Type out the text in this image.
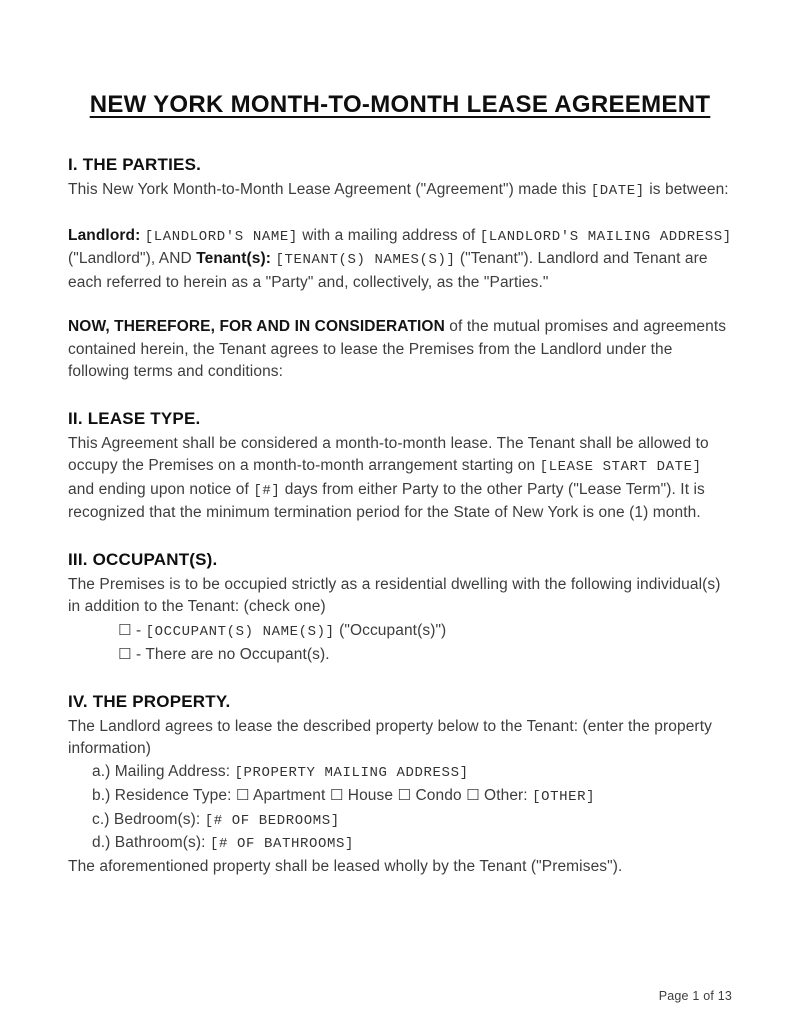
NEW YORK MONTH-TO-MONTH LEASE AGREEMENT
I. THE PARTIES.

This New York Month-to-Month Lease Agreement ("Agreement") made this [DATE] is between:

Landlord: [LANDLORD'S NAME] with a mailing address of [LANDLORD'S MAILING ADDRESS] ("Landlord"), AND Tenant(s): [TENANT(S) NAMES(S)] ("Tenant"). Landlord and Tenant are each referred to herein as a "Party" and, collectively, as the "Parties."

NOW, THEREFORE, FOR AND IN CONSIDERATION of the mutual promises and agreements contained herein, the Tenant agrees to lease the Premises from the Landlord under the following terms and conditions:

II. LEASE TYPE.

This Agreement shall be considered a month-to-month lease. The Tenant shall be allowed to occupy the Premises on a month-to-month arrangement starting on [LEASE START DATE] and ending upon notice of [#] days from either Party to the other Party ("Lease Term"). It is recognized that the minimum termination period for the State of New York is one (1) month.

III. OCCUPANT(S).

The Premises is to be occupied strictly as a residential dwelling with the following individual(s) in addition to the Tenant: (check one)

☐ - [OCCUPANT(S) NAME(S)] ("Occupant(s)")

☐ - There are no Occupant(s).

IV. THE PROPERTY.

The Landlord agrees to lease the described property below to the Tenant: (enter the property information)

a.) Mailing Address: [PROPERTY MAILING ADDRESS]

b.) Residence Type: ☐ Apartment ☐ House ☐ Condo ☐ Other: [OTHER]

c.) Bedroom(s): [# OF BEDROOMS]

d.) Bathroom(s): [# OF BATHROOMS]

The aforementioned property shall be leased wholly by the Tenant ("Premises").

Page 1 of 13
